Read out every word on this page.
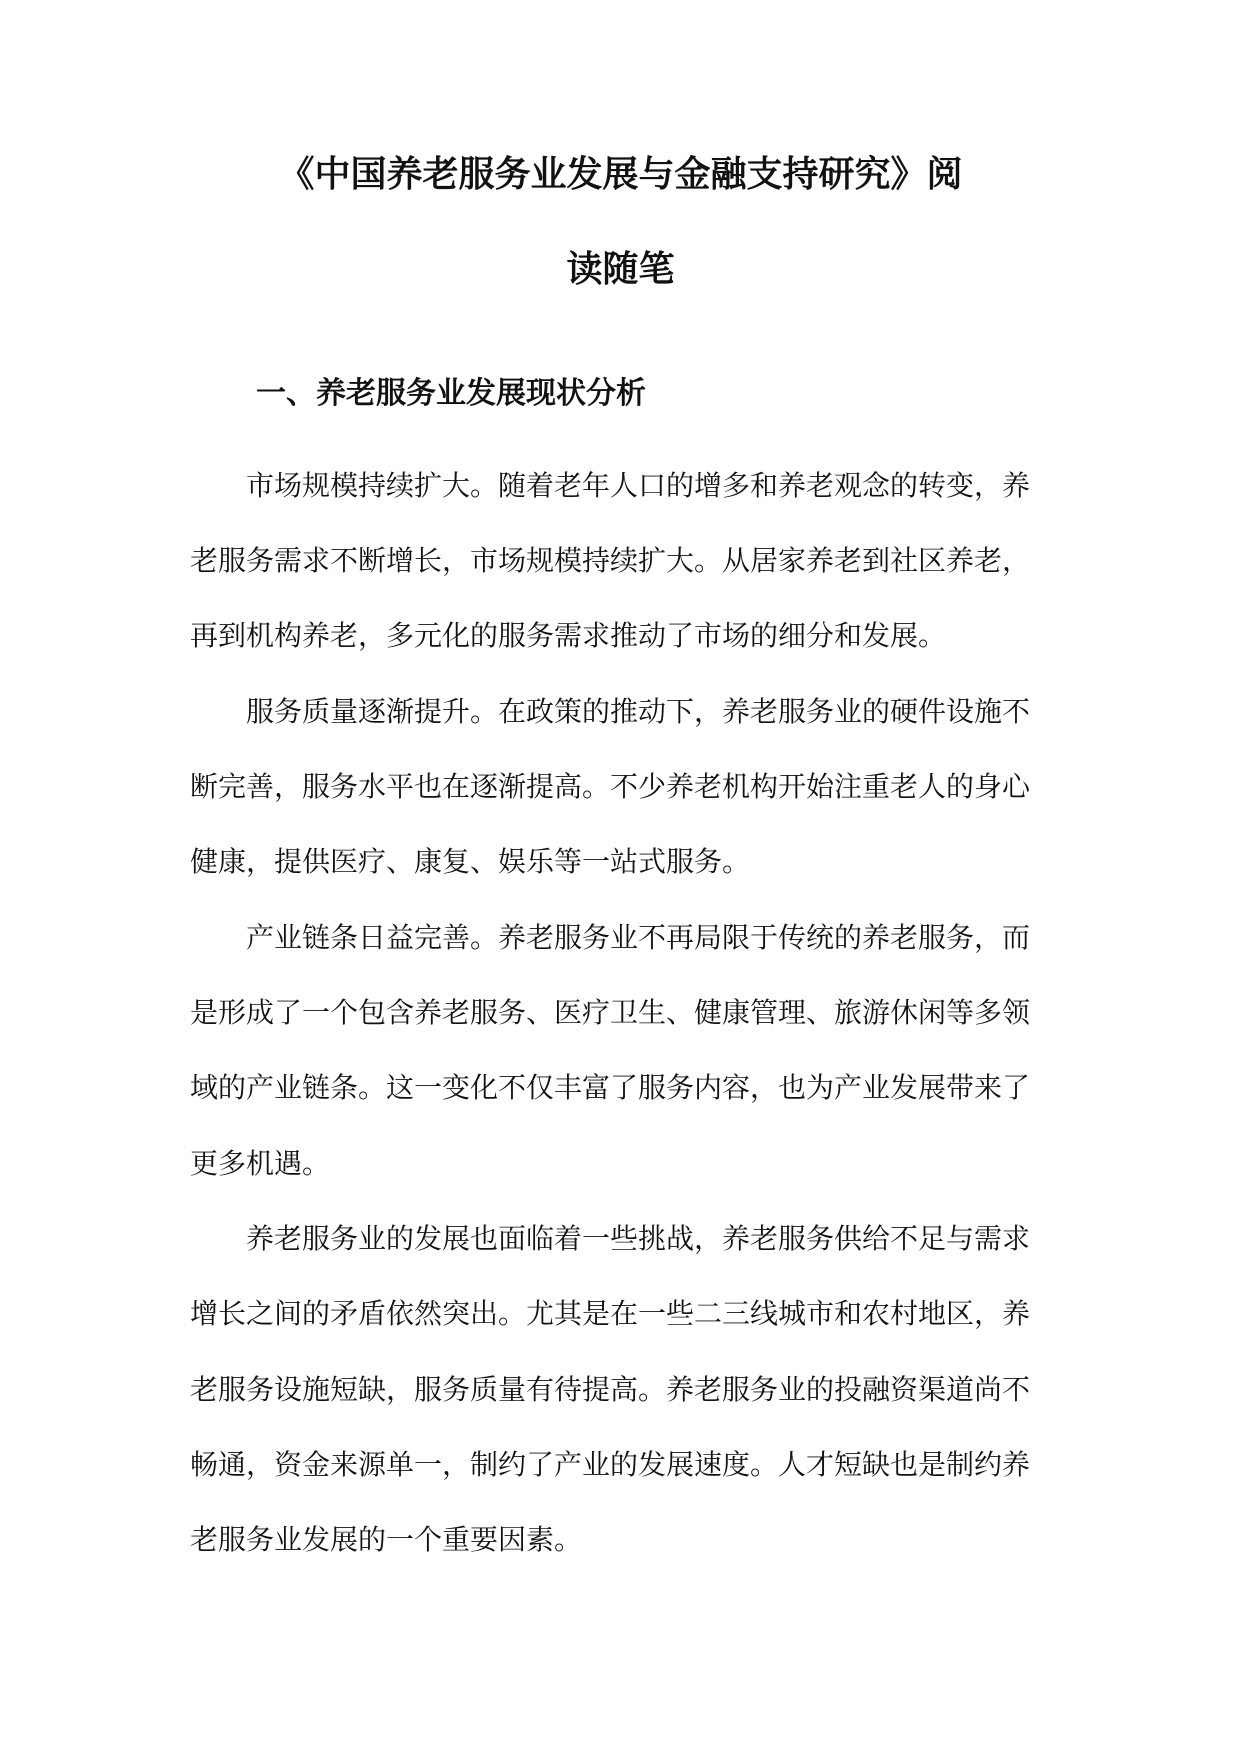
《中国养老服务业发展与金融支持研究》阅
读随笔
一、养老服务业发展现状分析

市场规模持续扩大。随着老年人口的增多和养老观念的转变，养

老服务需求不断增长，市场规模持续扩大。从居家养老到社区养老，

再到机构养老，多元化的服务需求推动了市场的细分和发展。

服务质量逐渐提升。在政策的推动下，养老服务业的硬件设施不

断完善，服务水平也在逐渐提高。不少养老机构开始注重老人的身心

健康，提供医疗、康复、娱乐等一站式服务。

产业链条日益完善。养老服务业不再局限于传统的养老服务，而

是形成了一个包含养老服务、医疗卫生、健康管理、旅游休闲等多领

域的产业链条。这一变化不仅丰富了服务内容，也为产业发展带来了

更多机遇。

养老服务业的发展也面临着一些挑战，养老服务供给不足与需求

增长之间的矛盾依然突出。尤其是在一些二三线城市和农村地区，养

老服务设施短缺，服务质量有待提高。养老服务业的投融资渠道尚不

畅通，资金来源单一，制约了产业的发展速度。人才短缺也是制约养

老服务业发展的一个重要因素。
